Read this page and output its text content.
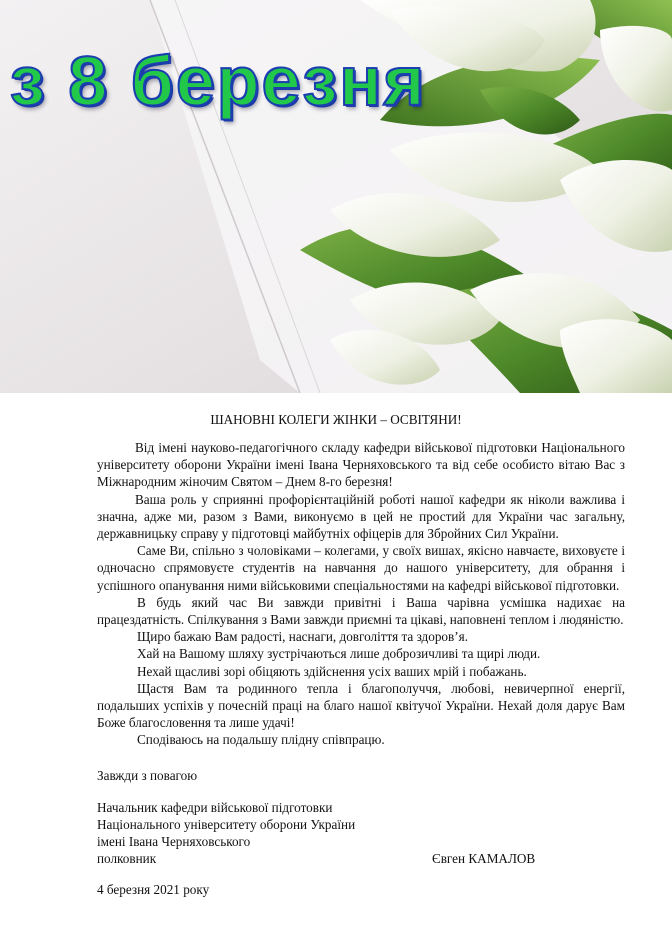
з 8 березня
ШАНОВНІ КОЛЕГИ ЖІНКИ – ОСВІТЯНИ!

Від імені науково-педагогічного складу кафедри військової підготовки Національного університету оборони України імені Івана Черняховського та від себе особисто вітаю Вас з Міжнародним жіночим Святом – Днем 8-го березня!

Ваша роль у сприянні профорієнтаційній роботі нашої кафедри як ніколи важлива і значна, адже ми, разом з Вами, виконуємо в цей не простий для України час загальну, державницьку справу у підготовці майбутніх офіцерів для Збройних Сил України.

Саме Ви, спільно з чоловіками – колегами, у своїх вишах, якісно навчаєте, виховуєте і одночасно спрямовуєте студентів на навчання до нашого університету, для обрання і успішного опанування ними військовими спеціальностями на кафедрі військової підготовки.

В будь який час Ви завжди привітні і Ваша чарівна усмішка надихає на працездатність. Спілкування з Вами завжди приємні та цікаві, наповнені теплом і людяністю.

Щиро бажаю Вам радості, наснаги, довголіття та здоров’я.

Хай на Вашому шляху зустрічаються лише доброзичливі та щирі люди.

Нехай щасливі зорі обіцяють здійснення усіх ваших мрій і побажань.

Щастя Вам та родинного тепла і благополуччя, любові, невичерпної енергії, подальших успіхів у почесній праці на благо нашої квітучої України. Нехай доля дарує Вам Боже благословення та лише удачі!

Сподіваюсь на подальшу плідну співпрацю.

Завжди з повагою
Начальник кафедри військової підготовки
Національного університету оборони України
імені Івана Черняховського
полковник	Євген КАМАЛОВ
4 березня 2021 року
